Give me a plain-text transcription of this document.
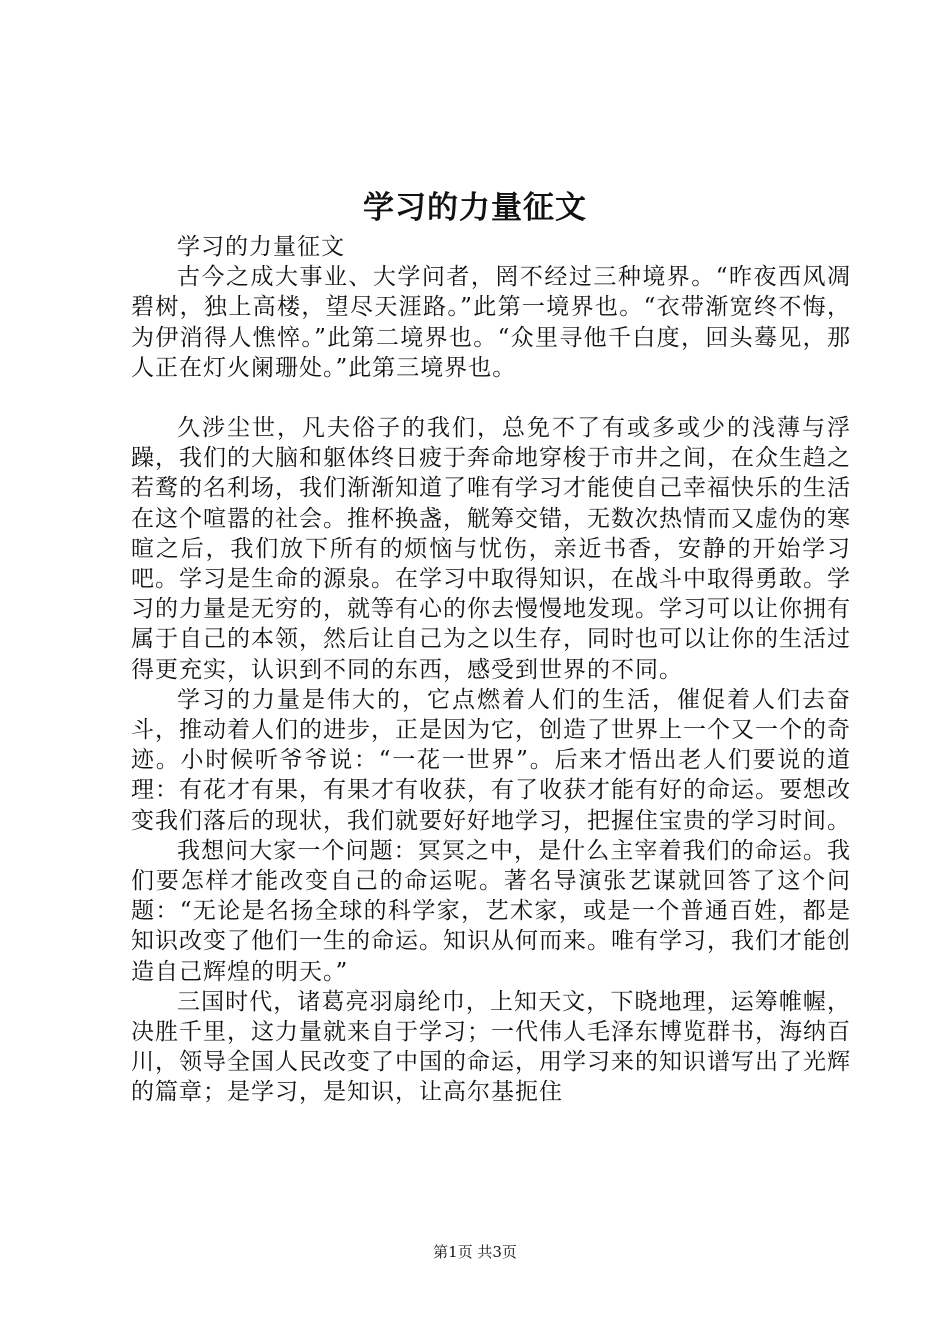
学习的力量征文

学习的力量征文

古今之成大事业、大学问者，罔不经过三种境界。“昨夜西风凋碧树，独上高楼，望尽天涯路。”此第一境界也。“衣带渐宽终不悔，为伊消得人憔悴。”此第二境界也。“众里寻他千白度，回头蓦见，那人正在灯火阑珊处。”此第三境界也。

久涉尘世，凡夫俗子的我们，总免不了有或多或少的浅薄与浮躁，我们的大脑和躯体终日疲于奔命地穿梭于市井之间，在众生趋之若鹜的名利场，我们渐渐知道了唯有学习才能使自己幸福快乐的生活在这个喧嚣的社会。推杯换盏，觥筹交错，无数次热情而又虚伪的寒暄之后，我们放下所有的烦恼与忧伤，亲近书香，安静的开始学习吧。学习是生命的源泉。在学习中取得知识，在战斗中取得勇敢。学习的力量是无穷的，就等有心的你去慢慢地发现。学习可以让你拥有属于自己的本领，然后让自己为之以生存，同时也可以让你的生活过得更充实，认识到不同的东西，感受到世界的不同。

学习的力量是伟大的，它点燃着人们的生活，催促着人们去奋斗，推动着人们的进步，正是因为它，创造了世界上一个又一个的奇迹。小时候听爷爷说：“一花一世界”。后来才悟出老人们要说的道理：有花才有果，有果才有收获，有了收获才能有好的命运。要想改变我们落后的现状，我们就要好好地学习，把握住宝贵的学习时间。

我想问大家一个问题：冥冥之中，是什么主宰着我们的命运。我们要怎样才能改变自己的命运呢。著名导演张艺谋就回答了这个问题：“无论是名扬全球的科学家，艺术家，或是一个普通百姓，都是知识改变了他们一生的命运。知识从何而来。唯有学习，我们才能创造自己辉煌的明天。”

三国时代，诸葛亮羽扇纶巾，上知天文，下晓地理，运筹帷幄，决胜千里，这力量就来自于学习；一代伟人毛泽东博览群书，海纳百川，领导全国人民改变了中国的命运，用学习来的知识谱写出了光辉的篇章；是学习，是知识，让高尔基扼住

第1页 共3页
